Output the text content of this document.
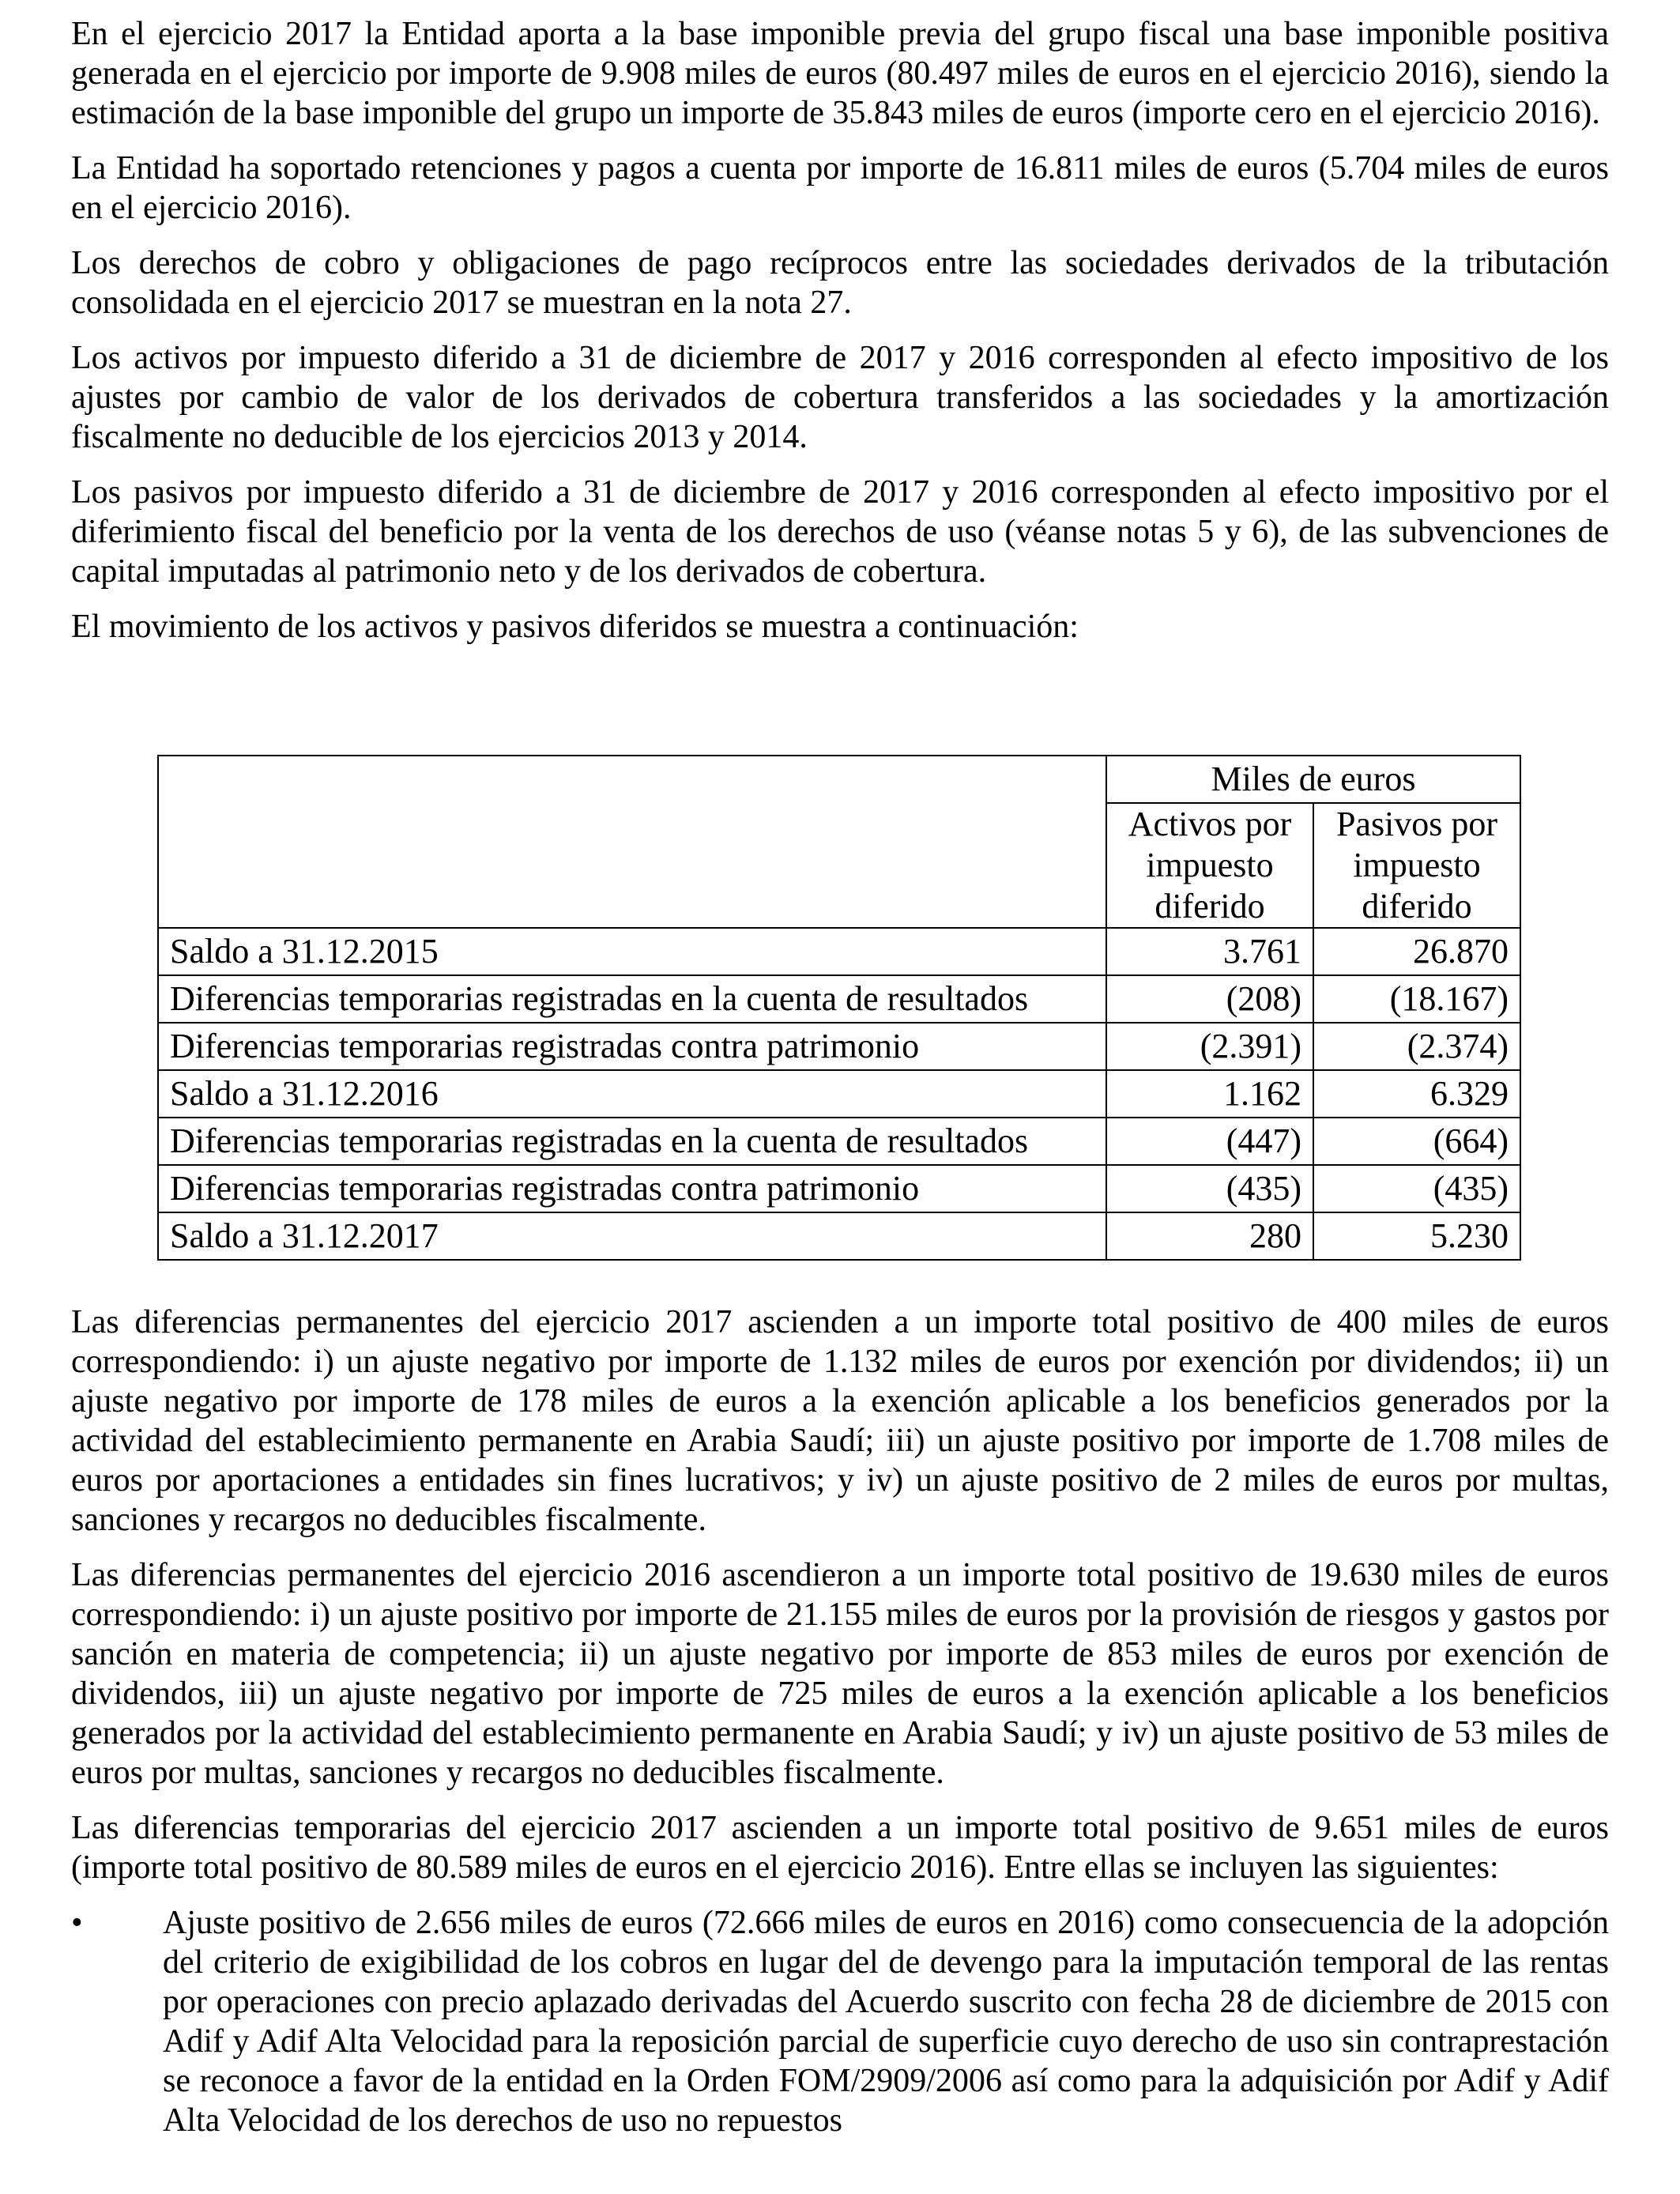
En el ejercicio 2017 la Entidad aporta a la base imponible previa del grupo fiscal una base imponible positiva generada en el ejercicio por importe de 9.908 miles de euros (80.497 miles de euros en el ejercicio 2016), siendo la estimación de la base imponible del grupo un importe de 35.843 miles de euros (importe cero en el ejercicio 2016).

La Entidad ha soportado retenciones y pagos a cuenta por importe de 16.811 miles de euros (5.704 miles de euros en el ejercicio 2016).

Los derechos de cobro y obligaciones de pago recíprocos entre las sociedades derivados de la tributación consolidada en el ejercicio 2017 se muestran en la nota 27.

Los activos por impuesto diferido a 31 de diciembre de 2017 y 2016 corresponden al efecto impositivo de los ajustes por cambio de valor de los derivados de cobertura transferidos a las sociedades y la amortización fiscalmente no deducible de los ejercicios 2013 y 2014.

Los pasivos por impuesto diferido a 31 de diciembre de 2017 y 2016 corresponden al efecto impositivo por el diferimiento fiscal del beneficio por la venta de los derechos de uso (véanse notas 5 y 6), de las subvenciones de capital imputadas al patrimonio neto y de los derivados de cobertura.

El movimiento de los activos y pasivos diferidos se muestra a continuación:

	Miles de euros	
	Activos por
impuesto
diferido	Pasivos por
impuesto
diferido
Saldo a 31.12.2015	3.761	26.870
Diferencias temporarias registradas en la cuenta de resultados	(208)	(18.167)
Diferencias temporarias registradas contra patrimonio	(2.391)	(2.374)
Saldo a 31.12.2016	1.162	6.329
Diferencias temporarias registradas en la cuenta de resultados	(447)	(664)
Diferencias temporarias registradas contra patrimonio	(435)	(435)
Saldo a 31.12.2017	280	5.230

Las diferencias permanentes del ejercicio 2017 ascienden a un importe total positivo de 400 miles de euros correspondiendo: i) un ajuste negativo por importe de 1.132 miles de euros por exención por dividendos; ii) un ajuste negativo por importe de 178 miles de euros a la exención aplicable a los beneficios generados por la actividad del establecimiento permanente en Arabia Saudí; iii) un ajuste positivo por importe de 1.708 miles de euros por aportaciones a entidades sin fines lucrativos; y iv) un ajuste positivo de 2 miles de euros por multas, sanciones y recargos no deducibles fiscalmente.

Las diferencias permanentes del ejercicio 2016 ascendieron a un importe total positivo de 19.630 miles de euros correspondiendo: i) un ajuste positivo por importe de 21.155 miles de euros por la provisión de riesgos y gastos por sanción en materia de competencia; ii) un ajuste negativo por importe de 853 miles de euros por exención de dividendos, iii) un ajuste negativo por importe de 725 miles de euros a la exención aplicable a los beneficios generados por la actividad del establecimiento permanente en Arabia Saudí; y iv) un ajuste positivo de 53 miles de euros por multas, sanciones y recargos no deducibles fiscalmente.

Las diferencias temporarias del ejercicio 2017 ascienden a un importe total positivo de 9.651 miles de euros (importe total positivo de 80.589 miles de euros en el ejercicio 2016). Entre ellas se incluyen las siguientes:

• Ajuste positivo de 2.656 miles de euros (72.666 miles de euros en 2016) como consecuencia de la adopción del criterio de exigibilidad de los cobros en lugar del de devengo para la imputación temporal de las rentas por operaciones con precio aplazado derivadas del Acuerdo suscrito con fecha 28 de diciembre de 2015 con Adif y Adif Alta Velocidad para la reposición parcial de superficie cuyo derecho de uso sin contraprestación se reconoce a favor de la entidad en la Orden FOM/2909/2006 así como para la adquisición por Adif y Adif Alta Velocidad de los derechos de uso no repuestos
